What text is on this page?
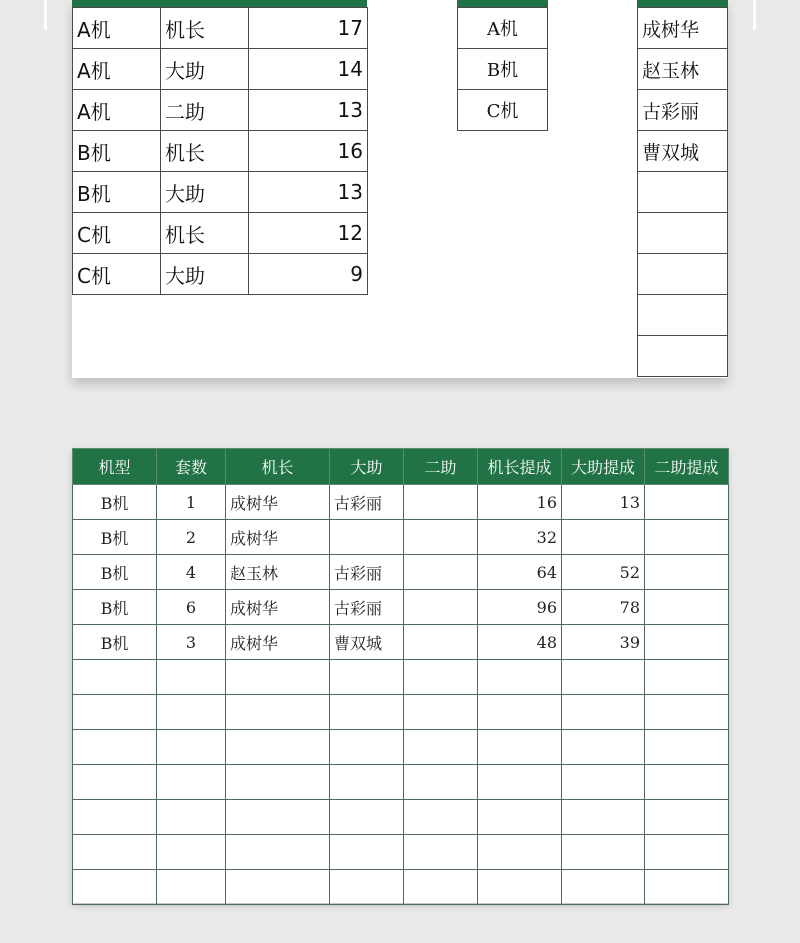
A机	机长	17
A机	大助	14
A机	二助	13
B机	机长	16
B机	大助	13
C机	机长	12
C机	大助	9
A机
B机
C机
成树华
赵玉林
古彩丽
曹双城

机型	套数	机长	大助	二助	机长提成	大助提成	二助提成
B机	1	成树华	古彩丽		16	13	
B机	2	成树华			32		
B机	4	赵玉林	古彩丽		64	52	
B机	6	成树华	古彩丽		96	78	
B机	3	成树华	曹双城		48	39	
